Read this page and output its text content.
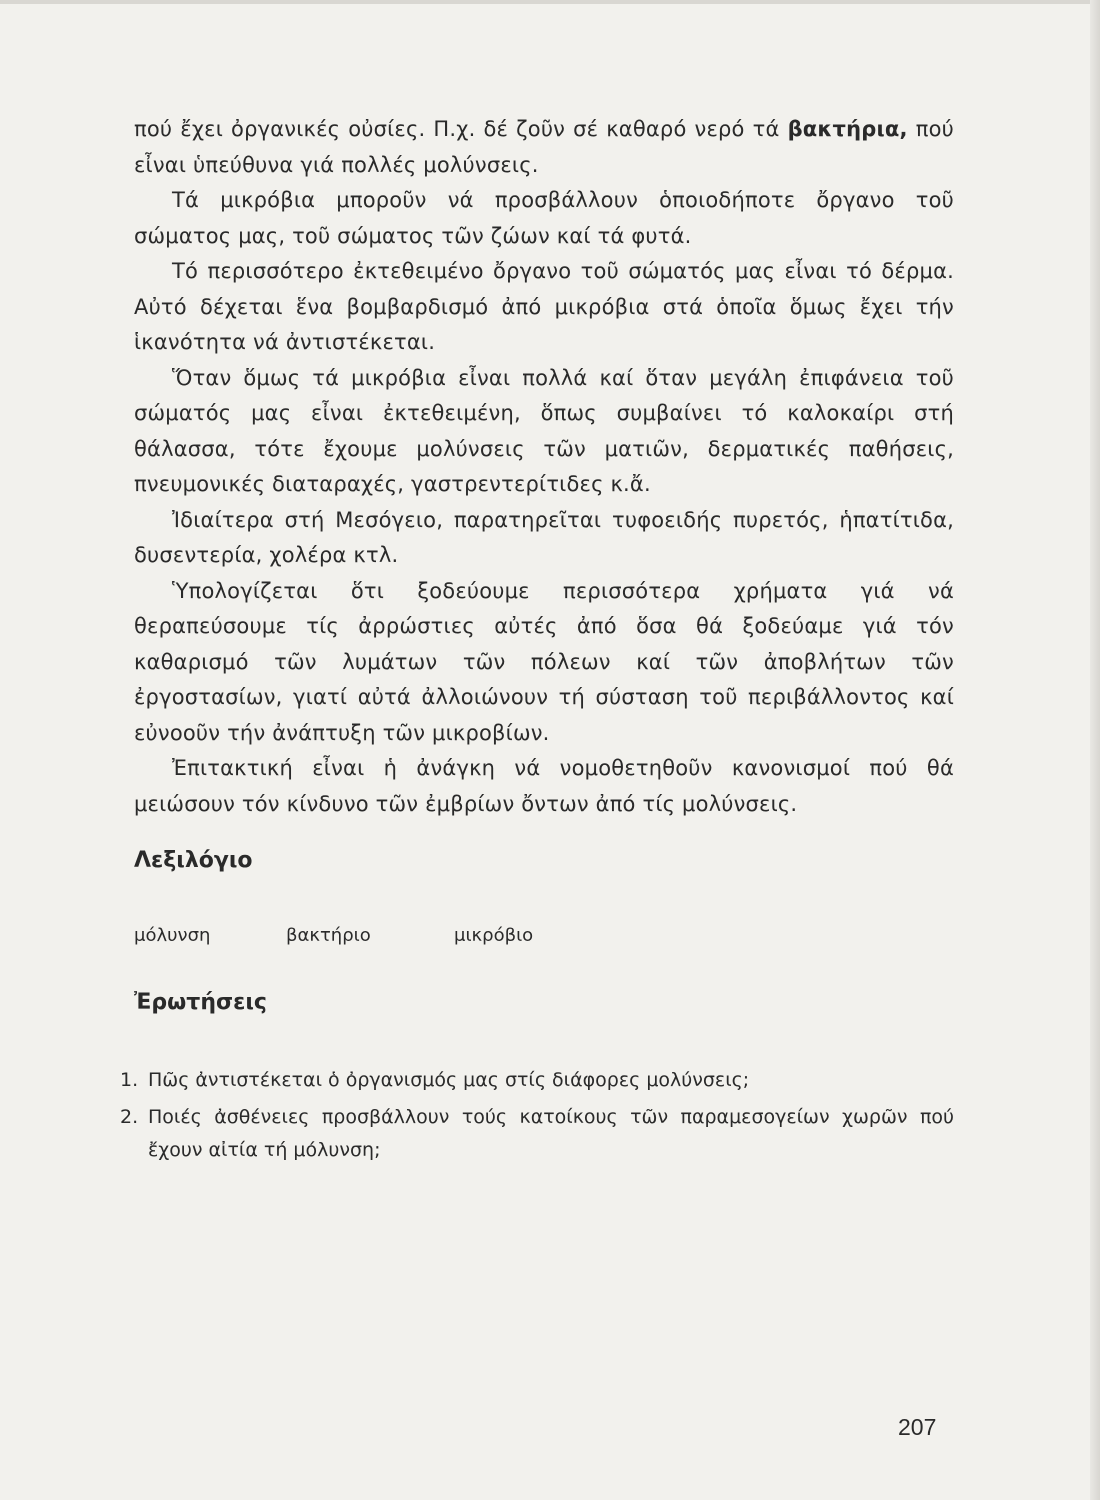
πού ἔχει ὀργανικές οὐσίες. Π.χ. δέ ζοῦν σέ καθαρό νερό τά βακτήρια, πού εἶναι ὑπεύθυνα γιά πολλές μολύνσεις.

Τά μικρόβια μποροῦν νά προσβάλλουν ὁποιοδήποτε ὄργανο τοῦ σώματος μας, τοῦ σώματος τῶν ζώων καί τά φυτά.

Τό περισσότερο ἐκτεθειμένο ὄργανο τοῦ σώματός μας εἶναι τό δέρμα. Αὐτό δέχεται ἕνα βομβαρδισμό ἀπό μικρόβια στά ὁποῖα ὅμως ἔχει τήν ἱκανότητα νά ἀντιστέκεται.

Ὅταν ὅμως τά μικρόβια εἶναι πολλά καί ὅταν μεγάλη ἐπιφάνεια τοῦ σώματός μας εἶναι ἐκτεθειμένη, ὅπως συμβαίνει τό καλοκαίρι στή θάλασσα, τότε ἔχουμε μολύνσεις τῶν ματιῶν, δερματικές παθήσεις, πνευμονικές διαταραχές, γαστρεντερίτιδες κ.ἄ.

Ἰδιαίτερα στή Μεσόγειο, παρατηρεῖται τυφοειδής πυρετός, ἡπατίτιδα, δυσεντερία, χολέρα κτλ.

Ὑπολογίζεται ὅτι ξοδεύουμε περισσότερα χρήματα γιά νά θεραπεύσουμε τίς ἀρρώστιες αὐτές ἀπό ὅσα θά ξοδεύαμε γιά τόν καθαρισμό τῶν λυμάτων τῶν πόλεων καί τῶν ἀποβλήτων τῶν ἐργοστασίων, γιατί αὐτά ἀλλοιώνουν τή σύσταση τοῦ περιβάλλοντος καί εὐνοοῦν τήν ἀνάπτυξη τῶν μικροβίων.

Ἐπιτακτική εἶναι ἡ ἀνάγκη νά νομοθετηθοῦν κανονισμοί πού θά μειώσουν τόν κίνδυνο τῶν ἐμβρίων ὄντων ἀπό τίς μολύνσεις.

Λεξιλόγιο
μόλυνση	βακτήριο	μικρόβιο
Ἐρωτήσεις
1. Πῶς ἀντιστέκεται ὁ ὀργανισμός μας στίς διάφορες μολύνσεις;
2. Ποιές ἀσθένειες προσβάλλουν τούς κατοίκους τῶν παραμεσογείων χωρῶν πού ἔχουν αἰτία τή μόλυνση;
207
